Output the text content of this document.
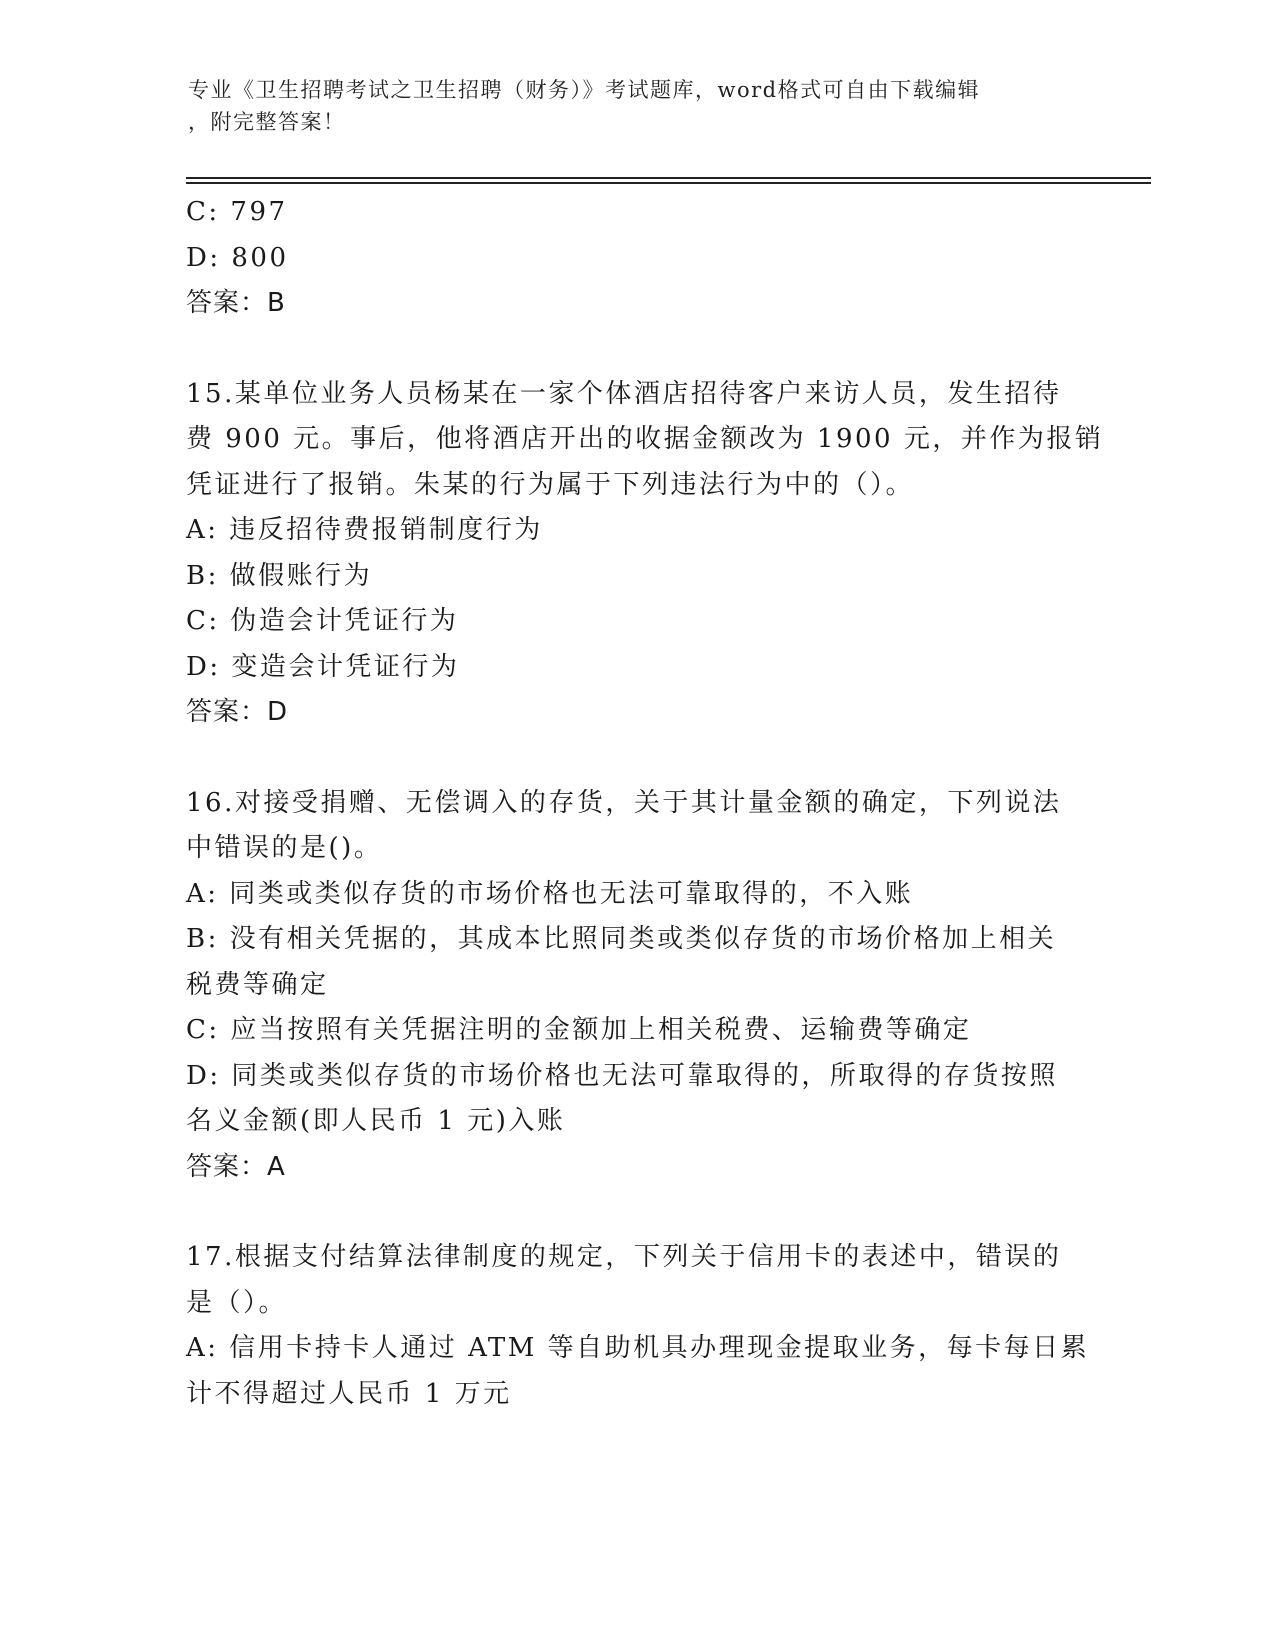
专业《卫生招聘考试之卫生招聘（财务）》考试题库，word格式可自由下载编辑
，附完整答案！
C: 797
D: 800
答案：B
15.某单位业务人员杨某在一家个体酒店招待客户来访人员，发生招待
费 900 元。事后，他将酒店开出的收据金额改为 1900 元，并作为报销
凭证进行了报销。朱某的行为属于下列违法行为中的（）。
A: 违反招待费报销制度行为
B: 做假账行为
C: 伪造会计凭证行为
D: 变造会计凭证行为
答案：D
16.对接受捐赠、无偿调入的存货，关于其计量金额的确定，下列说法
中错误的是()。
A: 同类或类似存货的市场价格也无法可靠取得的，不入账
B: 没有相关凭据的，其成本比照同类或类似存货的市场价格加上相关
税费等确定
C: 应当按照有关凭据注明的金额加上相关税费、运输费等确定
D: 同类或类似存货的市场价格也无法可靠取得的，所取得的存货按照
名义金额(即人民币 1 元)入账
答案：A
17.根据支付结算法律制度的规定，下列关于信用卡的表述中，错误的
是（）。
A: 信用卡持卡人通过 ATM 等自助机具办理现金提取业务，每卡每日累
计不得超过人民币 1 万元
